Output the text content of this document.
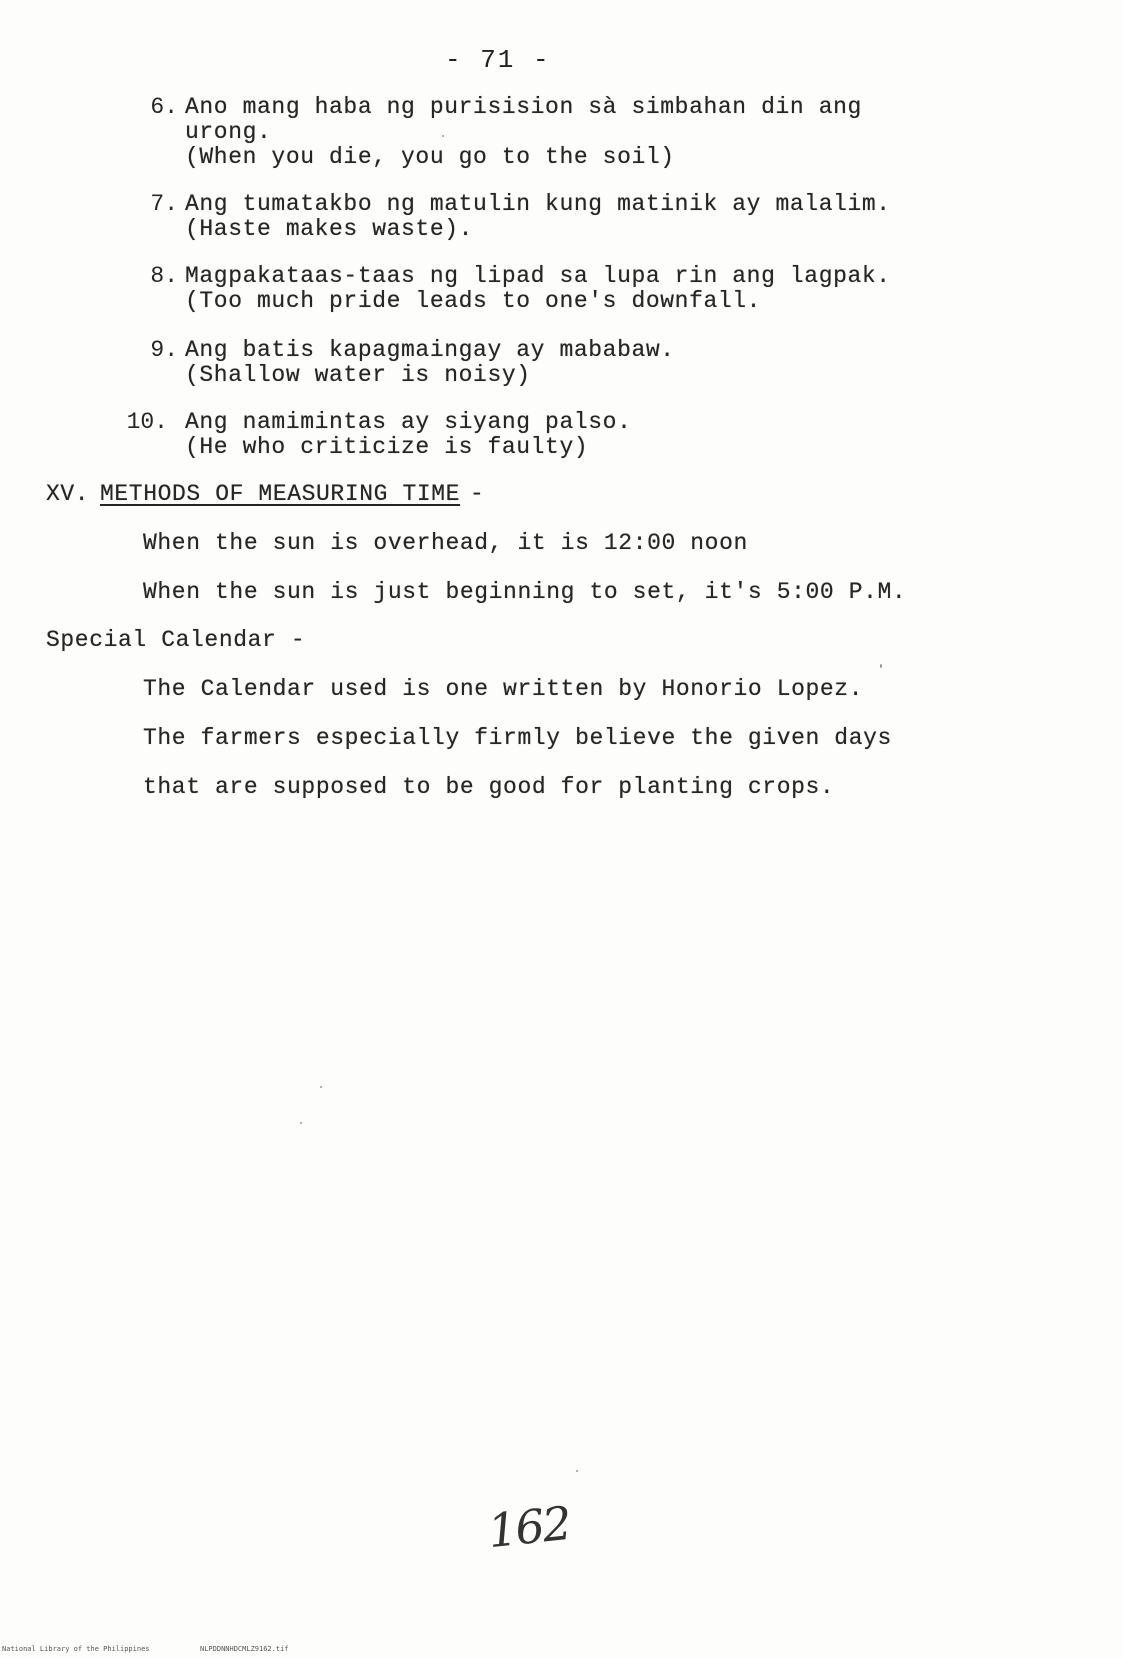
- 71 -
6. Ano mang haba ng purisision sà simbahan din ang
urong.
(When you die, you go to the soil)
7. Ang tumatakbo ng matulin kung matinik ay malalim.
(Haste makes waste).
8. Magpakataas-taas ng lipad sa lupa rin ang lagpak.
(Too much pride leads to one's downfall.
9. Ang batis kapagmaingay ay mababaw.
(Shallow water is noisy)
10. Ang namimintas ay siyang palso.
(He who criticize is faulty)
XV. METHODS OF MEASURING TIME -
When the sun is overhead, it is 12:00 noon
When the sun is just beginning to set, it's 5:00 P.M.
Special Calendar -
The Calendar used is one written by Honorio Lopez.
The farmers especially firmly believe the given days
that are supposed to be good for planting crops.
162
National Library of the Philippines	NLPDDNNHDCMLZ9162.tif
